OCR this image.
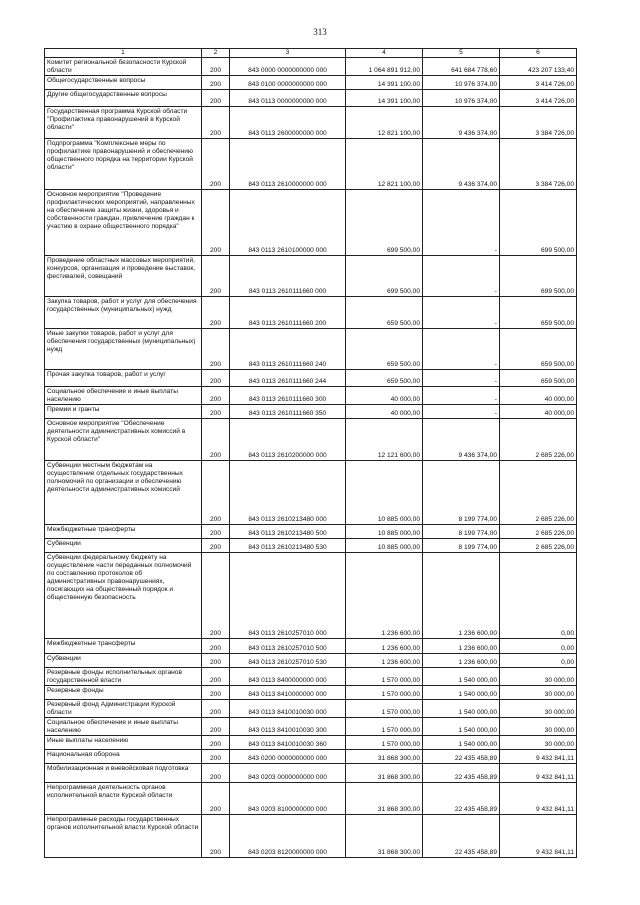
313
1	2	3	4	5	6
Комитет региональной безопасности Курской области	200	843 0000 0000000000 000	1 064 891 912,00	641 684 778,60	423 207 133,40
Общегосударственные вопросы	200	843 0100 0000000000 000	14 391 100,00	10 976 374,00	3 414 726,00
Другие общегосударственные вопросы	200	843 0113 0000000000 000	14 391 100,00	10 976 374,00	3 414 726,00
Государственная программа Курской области "Профилактика правонарушений в Курской области"	200	843 0113 2600000000 000	12 821 100,00	9 436 374,00	3 384 726,00
Подпрограмма "Комплексные меры по профилактике правонарушений и обеспечению общественного порядка на территории Курской области"	200	843 0113 2610000000 000	12 821 100,00	9 436 374,00	3 384 726,00
Основное мероприятие "Проведение профилактических мероприятий, направленных на обеспечение защиты жизни, здоровья и собственности граждан, привлечение граждан к участию в охране общественного порядка"	200	843 0113 2610100000 000	699 500,00	-	699 500,00
Проведение областных массовых мероприятий, конкурсов, организация и проведение выставок, фестивалей, совещаний	200	843 0113 2610111660 000	699 500,00	-	699 500,00
Закупка товаров, работ и услуг для обеспечения государственных (муниципальных) нужд	200	843 0113 2610111660 200	659 500,00	-	659 500,00
Иные закупки товаров, работ и услуг для обеспечения государственных (муниципальных) нужд	200	843 0113 2610111660 240	659 500,00	-	659 500,00
Прочая закупка товаров, работ и услуг	200	843 0113 2610111660 244	659 500,00	-	659 500,00
Социальное обеспечение и иные выплаты населению	200	843 0113 2610111660 300	40 000,00	-	40 000,00
Премии и гранты	200	843 0113 2610111660 350	40 000,00	-	40 000,00
Основное мероприятие "Обеспечение деятельности административных комиссий в Курской области"	200	843 0113 2610200000 000	12 121 600,00	9 436 374,00	2 685 226,00
Субвенции местным бюджетам на осуществление отдельных государственных полномочий по организации и обеспечению деятельности административных комиссий	200	843 0113 2610213480 000	10 885 000,00	8 199 774,00	2 685 226,00
Межбюджетные трансферты	200	843 0113 2610213480 500	10 885 000,00	8 199 774,00	2 685 226,00
Субвенции	200	843 0113 2610213480 530	10 885 000,00	8 199 774,00	2 685 226,00
Субвенции федеральному бюджету на осуществление части переданных полномочий по составлению протоколов об административных правонарушениях, посягающих на общественный порядок и общественную безопасность	200	843 0113 2610257010 000	1 236 600,00	1 236 600,00	0,00
Межбюджетные трансферты	200	843 0113 2610257010 500	1 236 600,00	1 236 600,00	0,00
Субвенции	200	843 0113 2610257010 530	1 236 600,00	1 236 600,00	0,00
Резервные фонды исполнительных органов государственной власти	200	843 0113 8400000000 000	1 570 000,00	1 540 000,00	30 000,00
Резервные фонды	200	843 0113 8410000000 000	1 570 000,00	1 540 000,00	30 000,00
Резервный фонд Администрации Курской области	200	843 0113 8410010030 000	1 570 000,00	1 540 000,00	30 000,00
Социальное обеспечение и иные выплаты населению	200	843 0113 8410010030 300	1 570 000,00	1 540 000,00	30 000,00
Иные выплаты населению	200	843 0113 8410010030 360	1 570 000,00	1 540 000,00	30 000,00
Национальная оборона	200	843 0200 0000000000 000	31 868 300,00	22 435 458,89	9 432 841,11
Мобилизационная и вневойсковая подготовка	200	843 0203 0000000000 000	31 868 300,00	22 435 458,89	9 432 841,11
Непрограммная деятельность органов исполнительной власти Курской области	200	843 0203 8100000000 000	31 868 300,00	22 435 458,89	9 432 841,11
Непрограммные расходы государственных органов исполнительной власти Курской области	200	843 0203 8120000000 000	31 868 300,00	22 435 458,89	9 432 841,11
